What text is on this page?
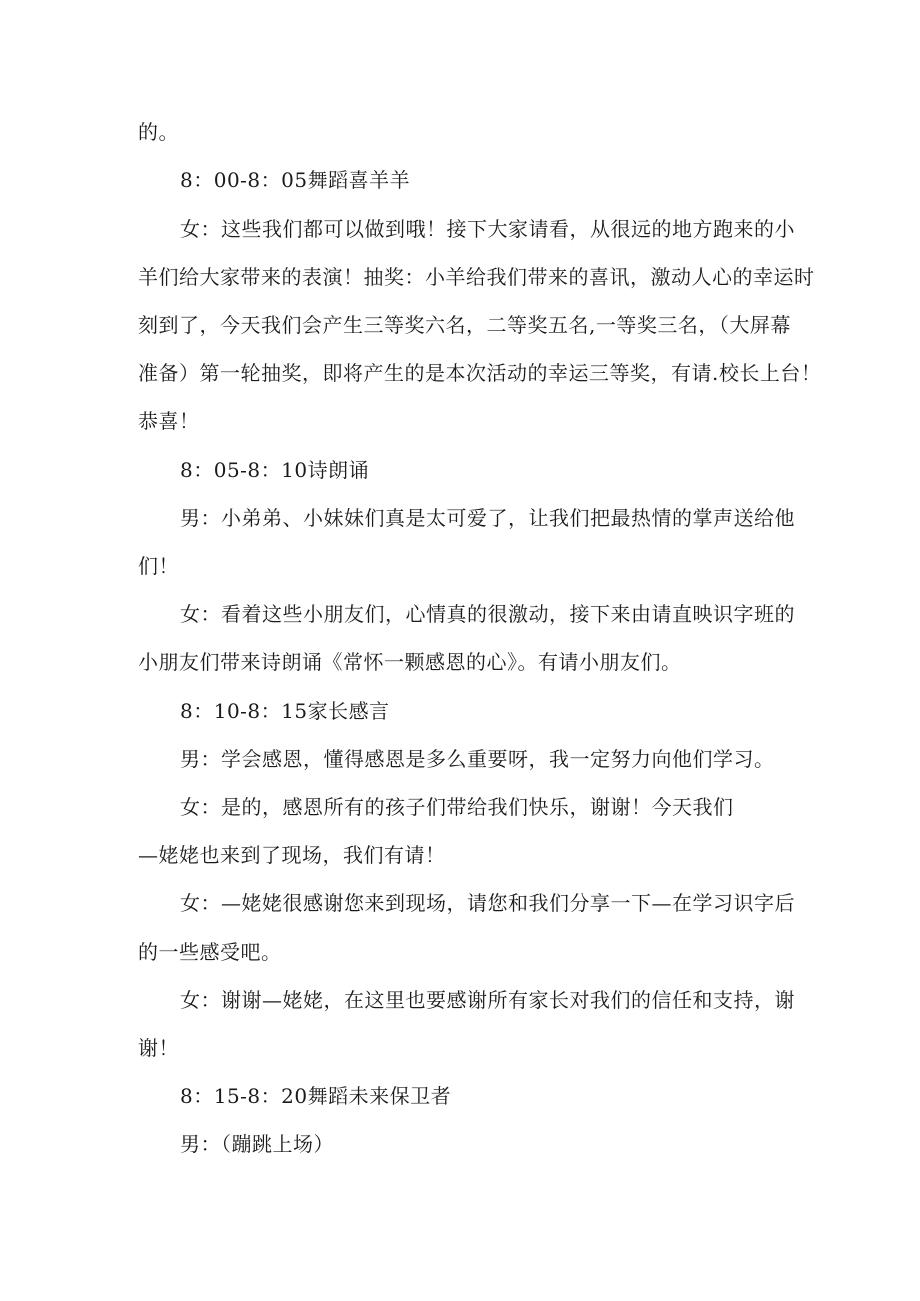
的。
8：00-8：05舞蹈喜羊羊
女：这些我们都可以做到哦！接下大家请看，从很远的地方跑来的小
羊们给大家带来的表演！抽奖：小羊给我们带来的喜讯，激动人心的幸运时
刻到了，今天我们会产生三等奖六名，二等奖五名,一等奖三名，（大屏幕
准备）第一轮抽奖，即将产生的是本次活动的幸运三等奖，有请.校长上台！
恭喜！
8：05-8：10诗朗诵
男：小弟弟、小妹妹们真是太可爱了，让我们把最热情的掌声送给他
们！
女：看着这些小朋友们，心情真的很激动，接下来由请直映识字班的
小朋友们带来诗朗诵《常怀一颗感恩的心》。有请小朋友们。
8：10-8：15家长感言
男：学会感恩，懂得感恩是多么重要呀，我一定努力向他们学习。
女：是的，感恩所有的孩子们带给我们快乐，谢谢！今天我们
—姥姥也来到了现场，我们有请！
女：—姥姥很感谢您来到现场，请您和我们分享一下—在学习识字后
的一些感受吧。
女：谢谢—姥姥，在这里也要感谢所有家长对我们的信任和支持，谢
谢！
8：15-8：20舞蹈未来保卫者
男：（蹦跳上场）
